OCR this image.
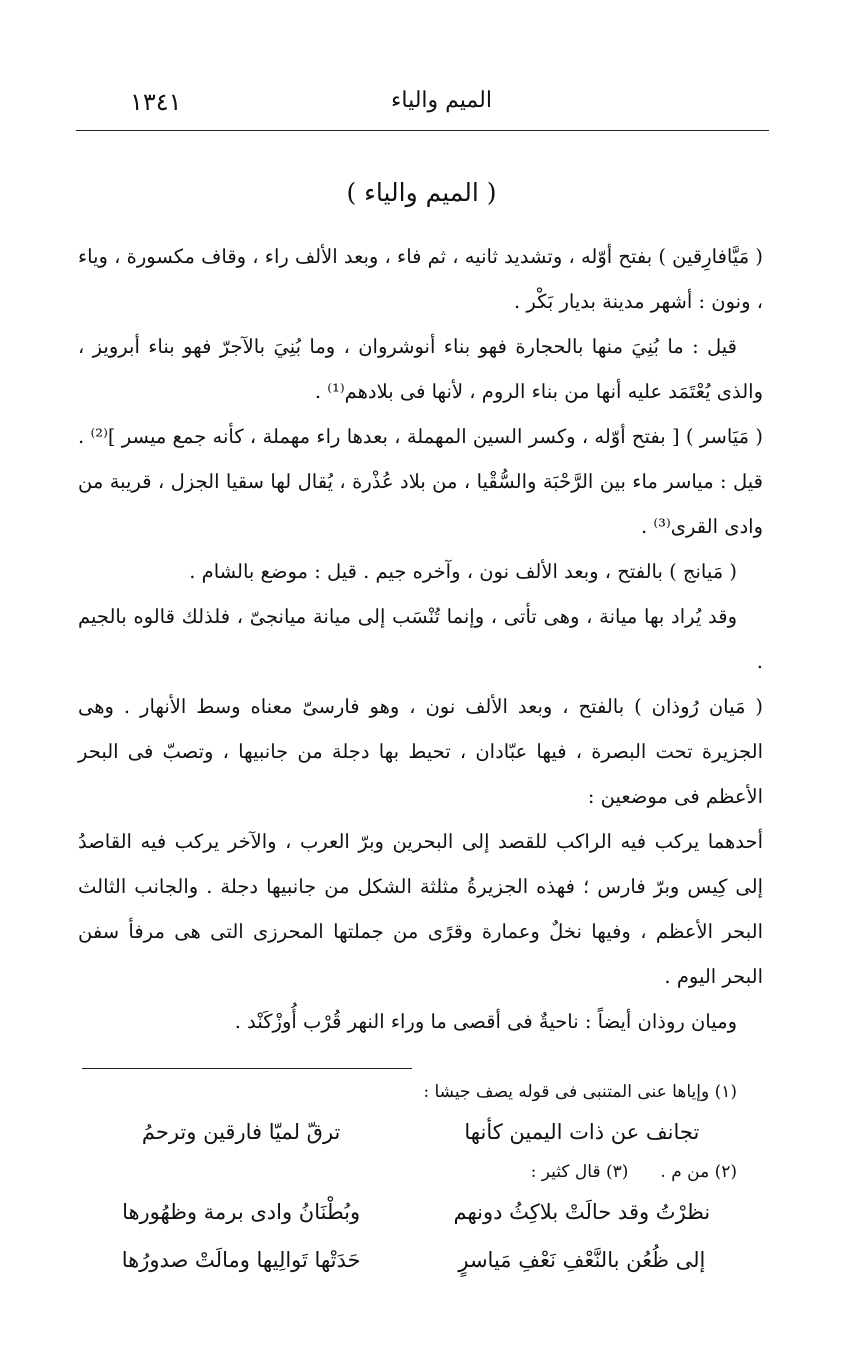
١٣٤١	الميم والياء
( الميم والياء )

( مَيَّافارِقين ) بفتح أوّله ، وتشديد ثانيه ، ثم فاء ، وبعد الألف راء ، وقاف مكسورة ، وياء ، ونون : أشهر مدينة بديار بَكْر .

قيل : ما بُنِيَ منها بالحجارة فهو بناء أنوشروان ، وما بُنِيَ بالآجرّ فهو بناء أبرويز ، والذى يُعْتَمَد عليه أنها من بناء الروم ، لأنها فى بلادهم⁽¹⁾ .

( مَيَاسر ) [ بفتح أوّله ، وكسر السين المهملة ، بعدها راء مهملة ، كأنه جمع ميسر ]⁽²⁾ . قيل : مياسر ماء بين الرَّحْبَة والسُّقْيا ، من بلاد عُذْرة ، يُقال لها سقيا الجزل ، قريبة من وادى القرى⁽³⁾ .

( مَيانج ) بالفتح ، وبعد الألف نون ، وآخره جيم . قيل : موضع بالشام .

وقد يُراد بها ميانة ، وهى تأتى ، وإنما تُنْسَب إلى ميانة ميانجىّ ، فلذلك قالوه بالجيم .

( مَيان رُوذان ) بالفتح ، وبعد الألف نون ، وهو فارسىّ معناه وسط الأنهار . وهى الجزيرة تحت البصرة ، فيها عبّادان ، تحيط بها دجلة من جانبيها ، وتصبّ فى البحر الأعظم فى موضعين :

أحدهما يركب فيه الراكب للقصد إلى البحرين وبرّ العرب ، والآخر يركب فيه القاصدُ إلى كِيس وبرّ فارس ؛ فهذه الجزيرةُ مثلثة الشكل من جانبيها دجلة . والجانب الثالث البحر الأعظم ، وفيها نخلٌ وعمارة وقرًى من جملتها المحرزى التى هى مرفأ سفن البحر اليوم .

وميان روذان أيضاً : ناحيةٌ فى أقصى ما وراء النهر قُرْب أُوزْكَنْد .

(١) وإياها عنى المتنبى فى قوله يصف جيشا :
تجانف عن ذات اليمين كأنها
ترقّ لميّا فارقين وترحمُ
(٢) من م .
(٣) قال كثير :
نظرْتُ وقد حالَتْ بلاكِثُ دونهم
وبُطْنَانُ وادى برمة وظهُورها
إلى ظُعُن بالنَّعْفِ نَعْفِ مَياسرٍ
حَدَتْها تَوالِيها ومالَتْ صدورُها
